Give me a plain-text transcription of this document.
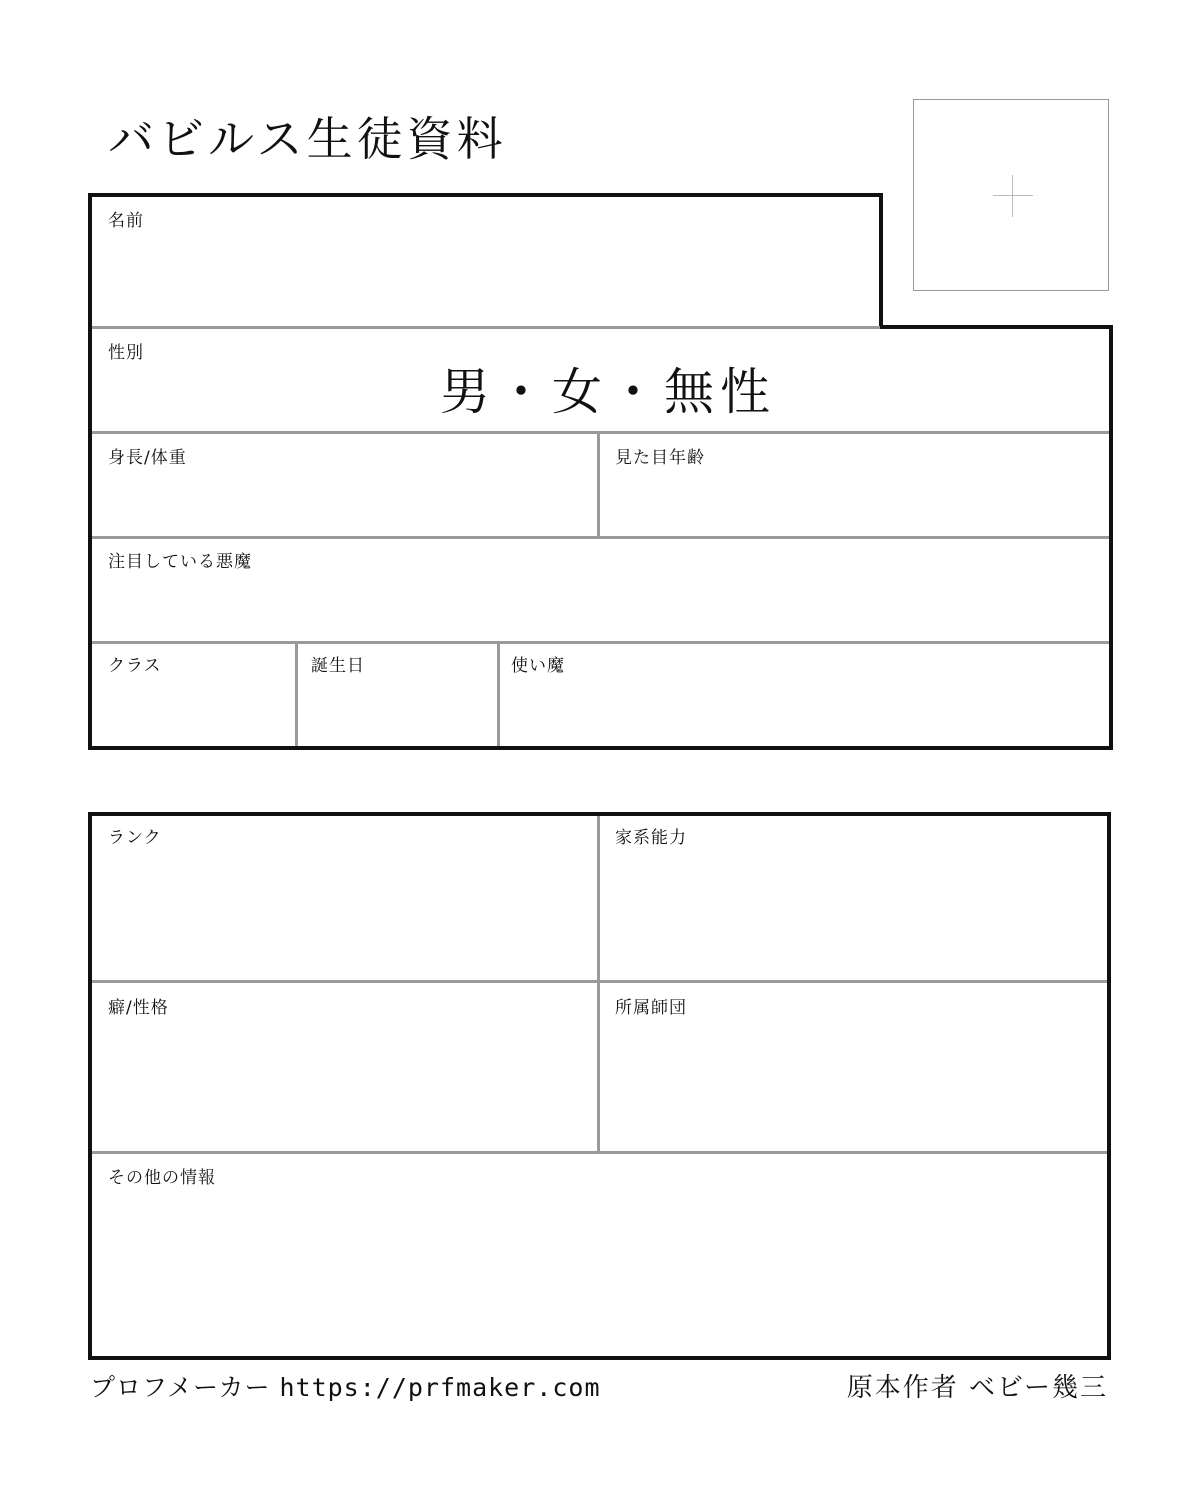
バビルス生徒資料
名前
性別
男・女・無性
身長/体重	見た目年齢
注目している悪魔
クラス	誕生日	使い魔
ランク	家系能力
癖/性格	所属師団
その他の情報
プロフメーカー https://prfmaker.com	原本作者 ベビー幾三
